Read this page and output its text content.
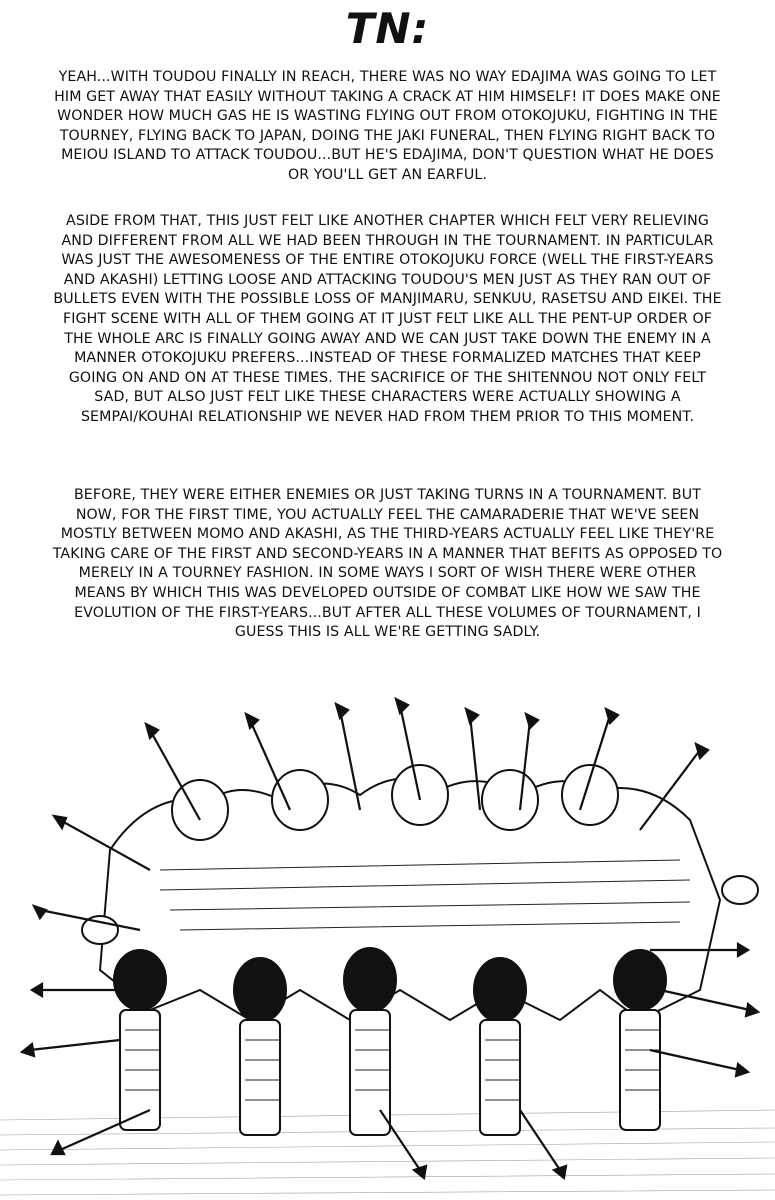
TN:

YEAH...WITH TOUDOU FINALLY IN REACH, THERE WAS NO WAY EDAJIMA WAS GOING TO LET HIM GET AWAY THAT EASILY WITHOUT TAKING A CRACK AT HIM HIMSELF! IT DOES MAKE ONE WONDER HOW MUCH GAS HE IS WASTING FLYING OUT FROM OTOKOJUKU, FIGHTING IN THE TOURNEY, FLYING BACK TO JAPAN, DOING THE JAKI FUNERAL, THEN FLYING RIGHT BACK TO MEIOU ISLAND TO ATTACK TOUDOU...BUT HE'S EDAJIMA, DON'T QUESTION WHAT HE DOES OR YOU'LL GET AN EARFUL.

ASIDE FROM THAT, THIS JUST FELT LIKE ANOTHER CHAPTER WHICH FELT VERY RELIEVING AND DIFFERENT FROM ALL WE HAD BEEN THROUGH IN THE TOURNAMENT. IN PARTICULAR WAS JUST THE AWESOMENESS OF THE ENTIRE OTOKOJUKU FORCE (WELL THE FIRST-YEARS AND AKASHI) LETTING LOOSE AND ATTACKING TOUDOU'S MEN JUST AS THEY RAN OUT OF BULLETS EVEN WITH THE POSSIBLE LOSS OF MANJIMARU, SENKUU, RASETSU AND EIKEI. THE FIGHT SCENE WITH ALL OF THEM GOING AT IT JUST FELT LIKE ALL THE PENT-UP ORDER OF THE WHOLE ARC IS FINALLY GOING AWAY AND WE CAN JUST TAKE DOWN THE ENEMY IN A MANNER OTOKOJUKU PREFERS...INSTEAD OF THESE FORMALIZED MATCHES THAT KEEP GOING ON AND ON AT THESE TIMES. THE SACRIFICE OF THE SHITENNOU NOT ONLY FELT SAD, BUT ALSO JUST FELT LIKE THESE CHARACTERS WERE ACTUALLY SHOWING A SEMPAI/KOUHAI RELATIONSHIP WE NEVER HAD FROM THEM PRIOR TO THIS MOMENT.

BEFORE, THEY WERE EITHER ENEMIES OR JUST TAKING TURNS IN A TOURNAMENT. BUT NOW, FOR THE FIRST TIME, YOU ACTUALLY FEEL THE CAMARADERIE THAT WE'VE SEEN MOSTLY BETWEEN MOMO AND AKASHI, AS THE THIRD-YEARS ACTUALLY FEEL LIKE THEY'RE TAKING CARE OF THE FIRST AND SECOND-YEARS IN A MANNER THAT BEFITS AS OPPOSED TO MERELY IN A TOURNEY FASHION. IN SOME WAYS I SORT OF WISH THERE WERE OTHER MEANS BY WHICH THIS WAS DEVELOPED OUTSIDE OF COMBAT LIKE HOW WE SAW THE EVOLUTION OF THE FIRST-YEARS...BUT AFTER ALL THESE VOLUMES OF TOURNAMENT, I GUESS THIS IS ALL WE'RE GETTING SADLY.
